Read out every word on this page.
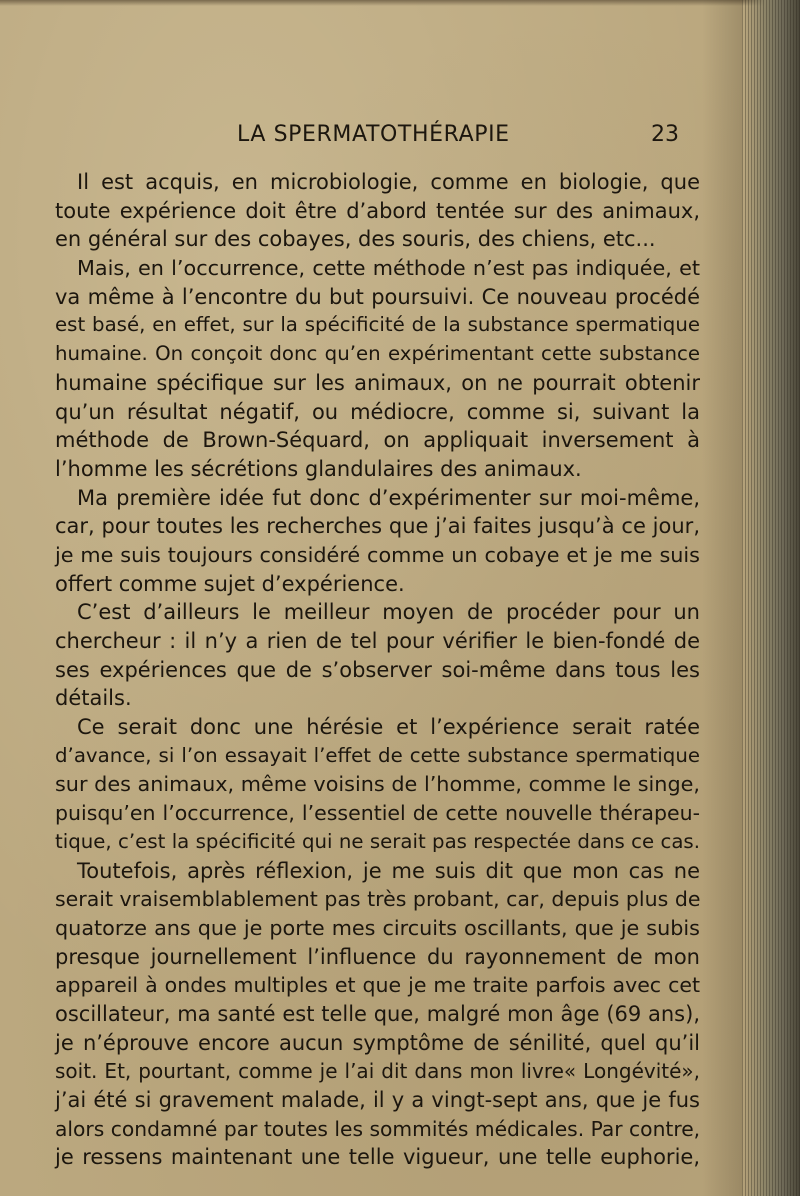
LA SPERMATOTHÉRAPIE	23
Il est acquis, en microbiologie, comme en biologie, que
toute expérience doit être d’abord tentée sur des animaux,
en général sur des cobayes, des souris, des chiens, etc...
Mais, en l’occurrence, cette méthode n’est pas indiquée, et
va même à l’encontre du but poursuivi. Ce nouveau procédé
est basé, en effet, sur la spécificité de la substance spermatique
humaine. On conçoit donc qu’en expérimentant cette substance
humaine spécifique sur les animaux, on ne pourrait obtenir
qu’un résultat négatif, ou médiocre, comme si, suivant la
méthode de Brown-Séquard, on appliquait inversement à
l’homme les sécrétions glandulaires des animaux.
Ma première idée fut donc d’expérimenter sur moi-même,
car, pour toutes les recherches que j’ai faites jusqu’à ce jour,
je me suis toujours considéré comme un cobaye et je me suis
offert comme sujet d’expérience.
C’est d’ailleurs le meilleur moyen de procéder pour un
chercheur : il n’y a rien de tel pour vérifier le bien-fondé de
ses expériences que de s’observer soi-même dans tous les
détails.
Ce serait donc une hérésie et l’expérience serait ratée
d’avance, si l’on essayait l’effet de cette substance spermatique
sur des animaux, même voisins de l’homme, comme le singe,
puisqu’en l’occurrence, l’essentiel de cette nouvelle thérapeu-
tique, c’est la spécificité qui ne serait pas respectée dans ce cas.
Toutefois, après réflexion, je me suis dit que mon cas ne
serait vraisemblablement pas très probant, car, depuis plus de
quatorze ans que je porte mes circuits oscillants, que je subis
presque journellement l’influence du rayonnement de mon
appareil à ondes multiples et que je me traite parfois avec cet
oscillateur, ma santé est telle que, malgré mon âge (69 ans),
je n’éprouve encore aucun symptôme de sénilité, quel qu’il
soit. Et, pourtant, comme je l’ai dit dans mon livre« Longévité»,
j’ai été si gravement malade, il y a vingt-sept ans, que je fus
alors condamné par toutes les sommités médicales. Par contre,
je ressens maintenant une telle vigueur, une telle euphorie,
